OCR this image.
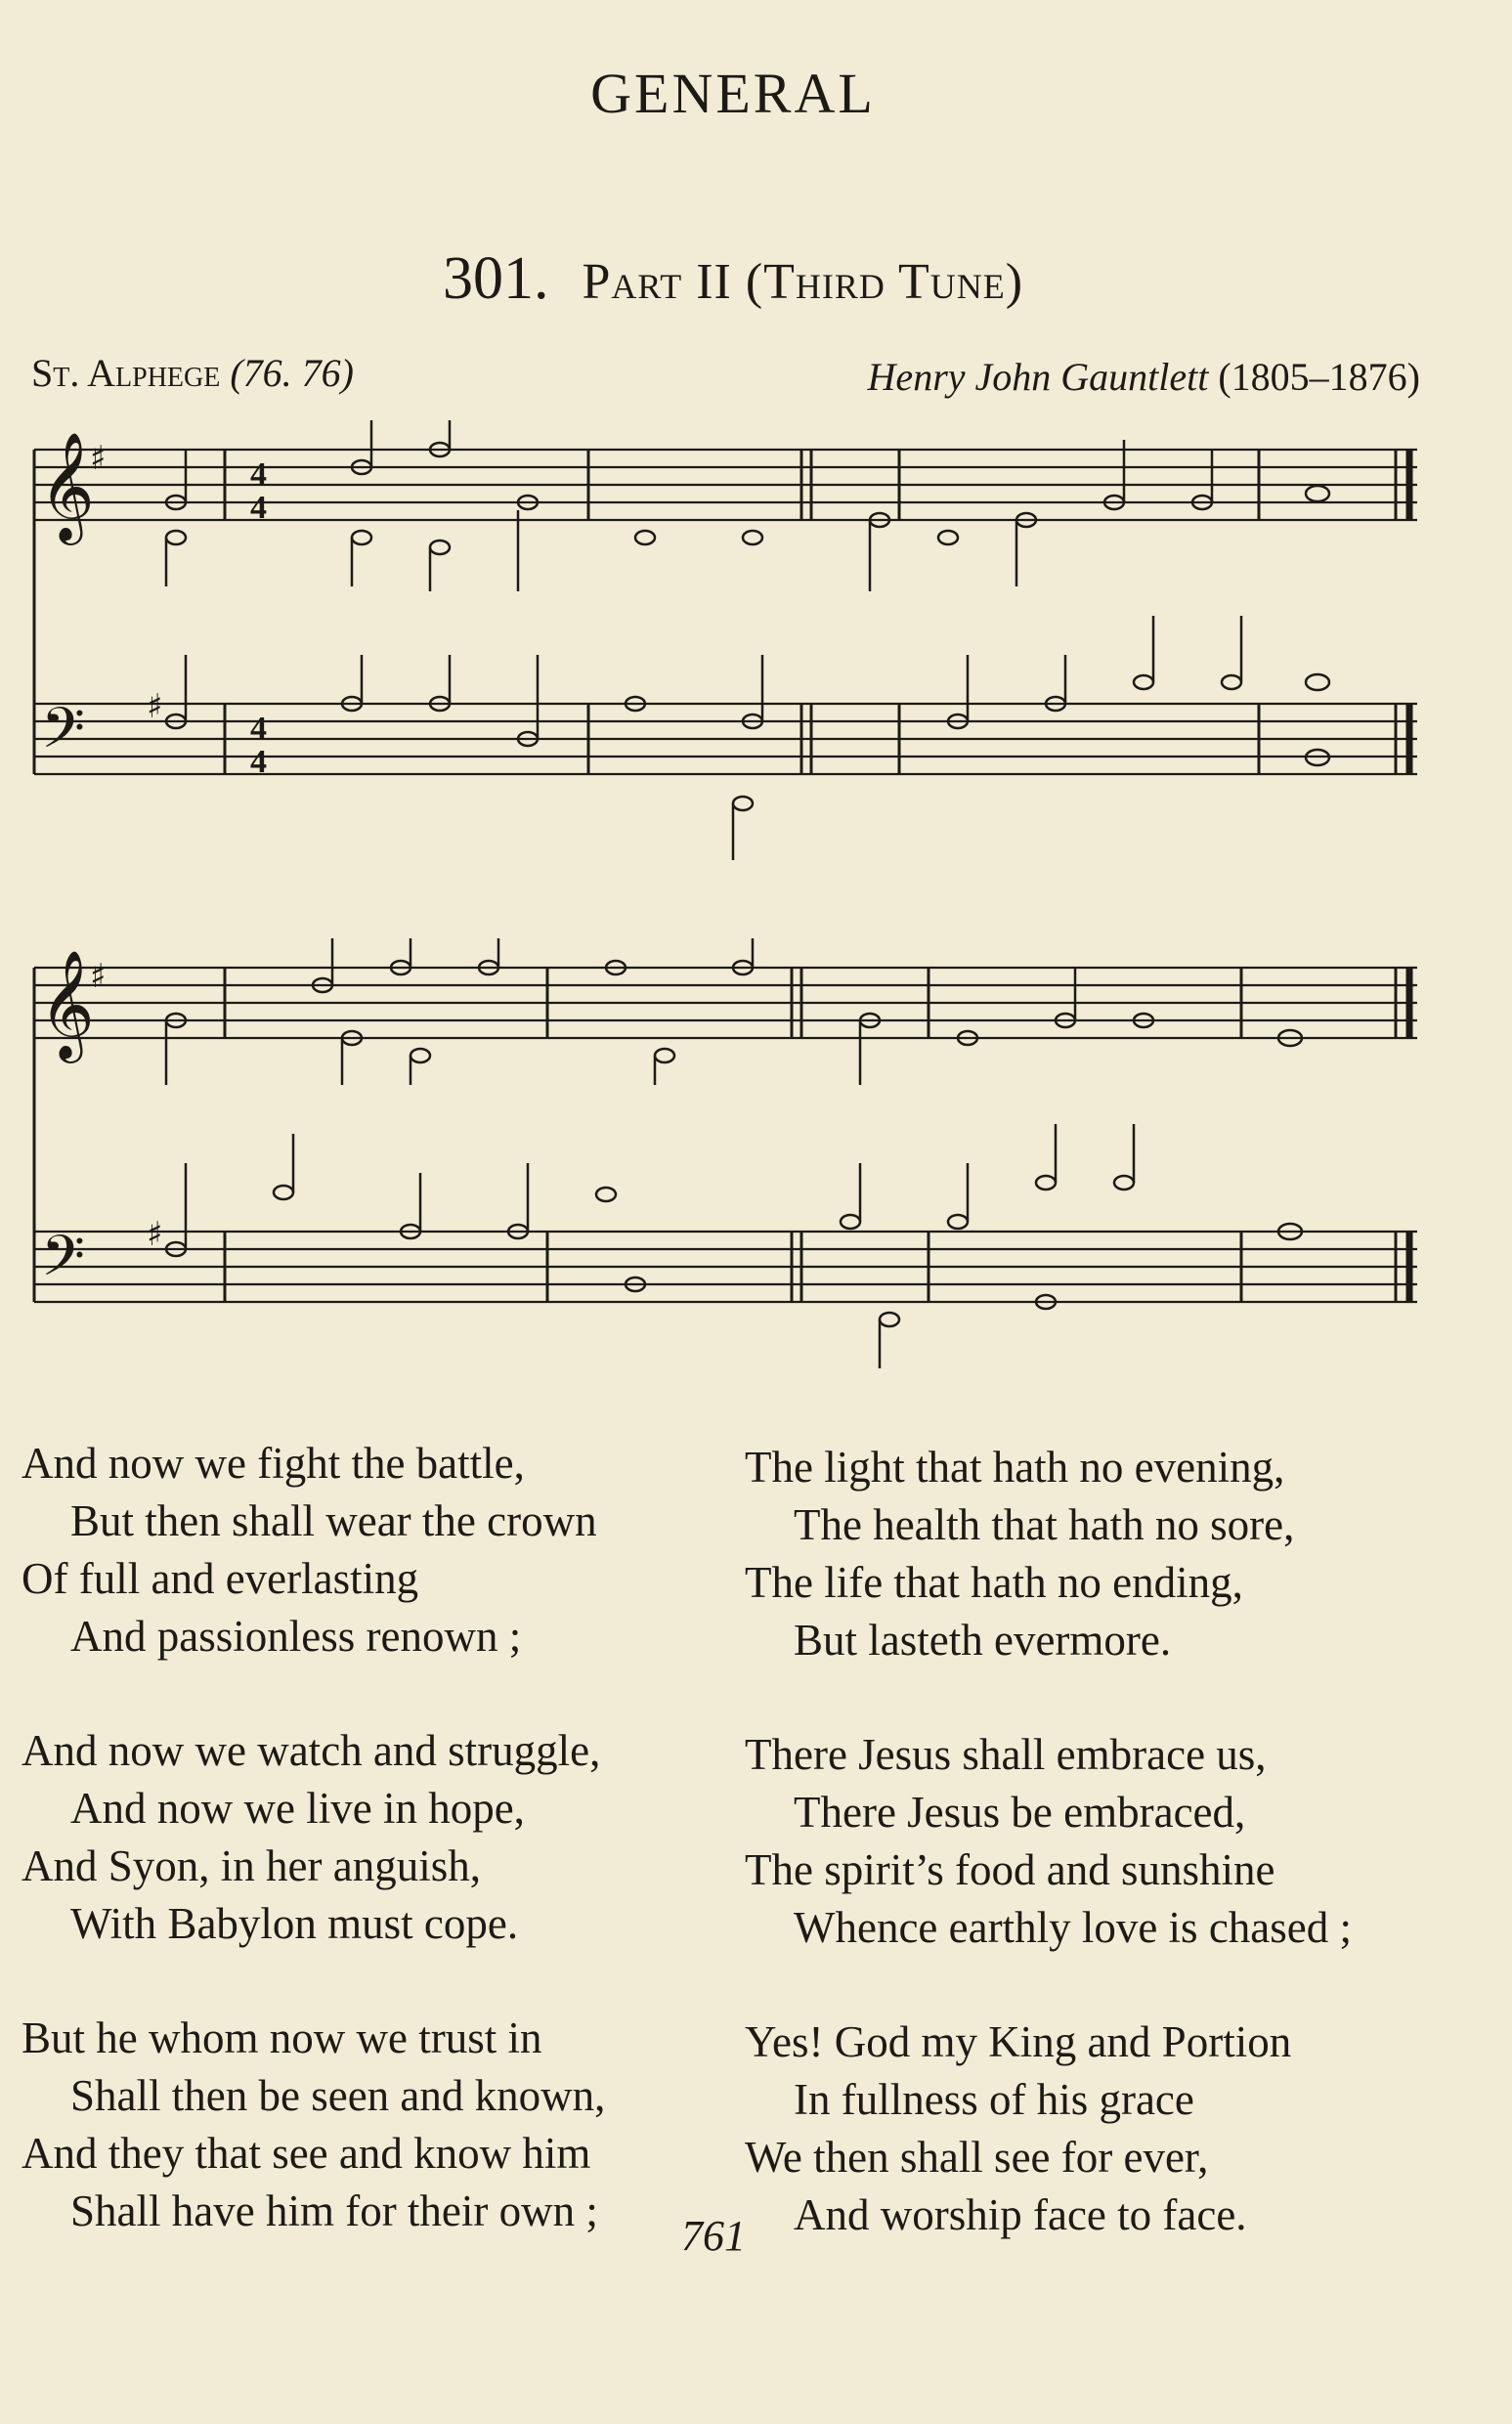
GENERAL
301. Part II (Third Tune)
St. Alphege (76. 76)	Henry John Gauntlett (1805–1876)
𝄞
𝄢
♯
♯
4
4
4
4
𝄞
𝄢
♯
♯
And now we fight the battle,
But then shall wear the crown
Of full and everlasting
And passionless renown ;
And now we watch and struggle,
And now we live in hope,
And Syon, in her anguish,
With Babylon must cope.
But he whom now we trust in
Shall then be seen and known,
And they that see and know him
Shall have him for their own ;
The light that hath no evening,
The health that hath no sore,
The life that hath no ending,
But lasteth evermore.
There Jesus shall embrace us,
There Jesus be embraced,
The spirit’s food and sunshine
Whence earthly love is chased ;
Yes! God my King and Portion
In fullness of his grace
We then shall see for ever,
And worship face to face.
761
